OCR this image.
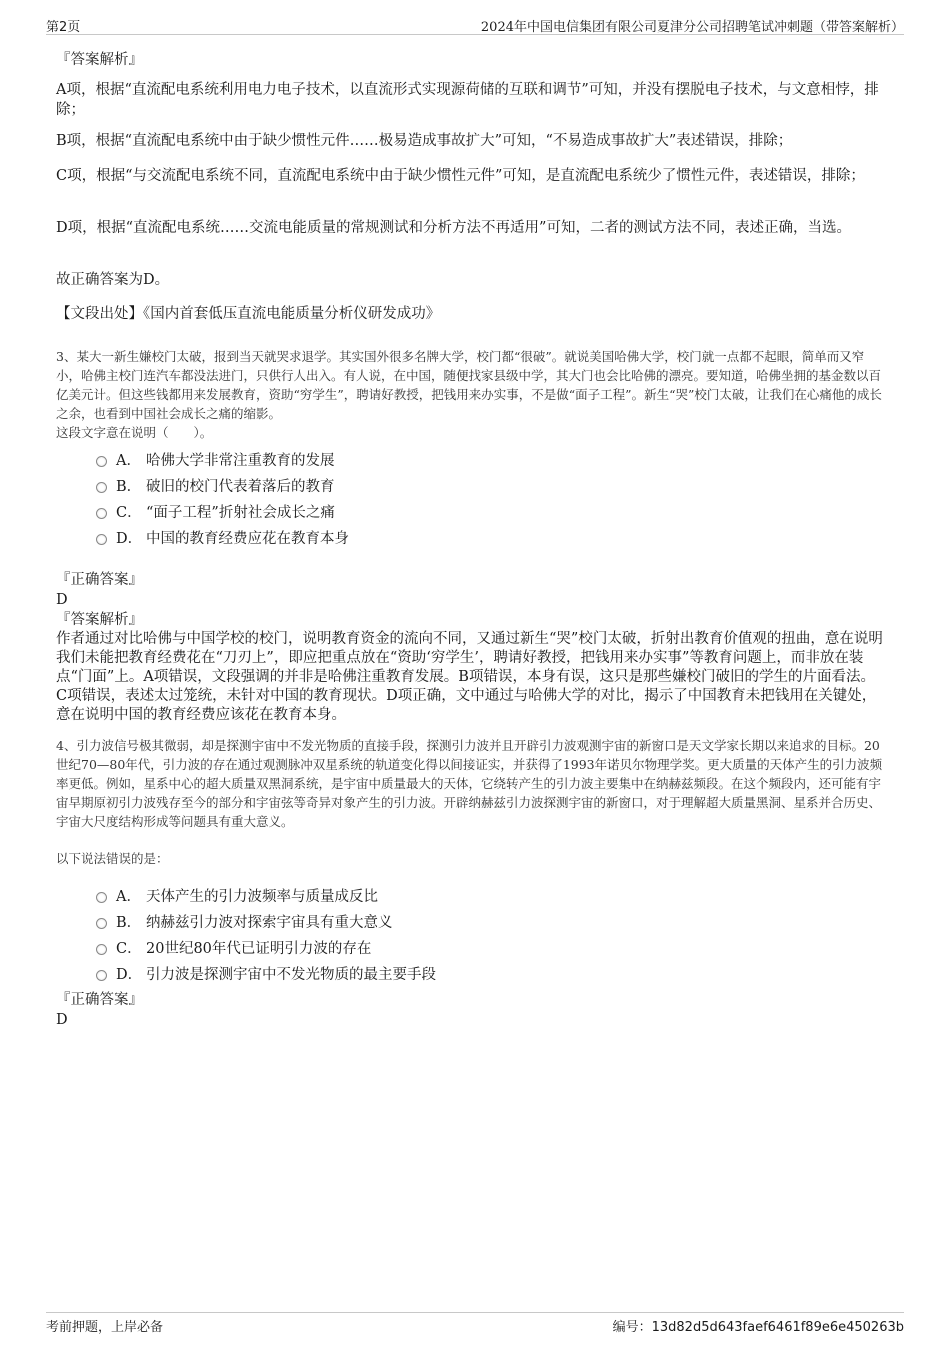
第2页	2024年中国电信集团有限公司夏津分公司招聘笔试冲刺题（带答案解析）

『答案解析』

A项，根据“直流配电系统利用电力电子技术，以直流形式实现源荷储的互联和调节”可知，并没有摆脱电子技术，与文意相悖，排除；

B项，根据“直流配电系统中由于缺少惯性元件……极易造成事故扩大”可知，“不易造成事故扩大”表述错误，排除；

C项，根据“与交流配电系统不同，直流配电系统中由于缺少惯性元件”可知，是直流配电系统少了惯性元件，表述错误，排除；

D项，根据“直流配电系统……交流电能质量的常规测试和分析方法不再适用”可知，二者的测试方法不同，表述正确，当选。

故正确答案为D。

【文段出处】《国内首套低压直流电能质量分析仪研发成功》

3、某大一新生嫌校门太破，报到当天就哭求退学。其实国外很多名牌大学，校门都“很破”。就说美国哈佛大学，校门就一点都不起眼，简单而又窄小，哈佛主校门连汽车都没法进门，只供行人出入。有人说，在中国，随便找家县级中学，其大门也会比哈佛的漂亮。要知道，哈佛坐拥的基金数以百亿美元计。但这些钱都用来发展教育，资助“穷学生”，聘请好教授，把钱用来办实事，不是做“面子工程”。新生“哭”校门太破，让我们在心痛他的成长之余，也看到中国社会成长之痛的缩影。

这段文字意在说明（　　）。

A． 哈佛大学非常注重教育的发展
B． 破旧的校门代表着落后的教育
C． “面子工程”折射社会成长之痛
D． 中国的教育经费应花在教育本身

『正确答案』

D

『答案解析』

作者通过对比哈佛与中国学校的校门，说明教育资金的流向不同，又通过新生“哭”校门太破，折射出教育价值观的扭曲，意在说明我们未能把教育经费花在“刀刃上”，即应把重点放在“资助‘穷学生’，聘请好教授，把钱用来办实事”等教育问题上，而非放在装点“门面”上。A项错误，文段强调的并非是哈佛注重教育发展。B项错误，本身有误，这只是那些嫌校门破旧的学生的片面看法。C项错误，表述太过笼统，未针对中国的教育现状。D项正确，文中通过与哈佛大学的对比，揭示了中国教育未把钱用在关键处，意在说明中国的教育经费应该花在教育本身。

4、引力波信号极其微弱，却是探测宇宙中不发光物质的直接手段，探测引力波并且开辟引力波观测宇宙的新窗口是天文学家长期以来追求的目标。20世纪70—80年代，引力波的存在通过观测脉冲双星系统的轨道变化得以间接证实，并获得了1993年诺贝尔物理学奖。更大质量的天体产生的引力波频率更低。例如，星系中心的超大质量双黑洞系统，是宇宙中质量最大的天体，它绕转产生的引力波主要集中在纳赫兹频段。在这个频段内，还可能有宇宙早期原初引力波残存至今的部分和宇宙弦等奇异对象产生的引力波。开辟纳赫兹引力波探测宇宙的新窗口，对于理解超大质量黑洞、星系并合历史、宇宙大尺度结构形成等问题具有重大意义。

以下说法错误的是：

A． 天体产生的引力波频率与质量成反比
B． 纳赫兹引力波对探索宇宙具有重大意义
C． 20世纪80年代已证明引力波的存在
D． 引力波是探测宇宙中不发光物质的最主要手段

『正确答案』

D

考前押题，上岸必备	编号：13d82d5d643faef6461f89e6e450263b
